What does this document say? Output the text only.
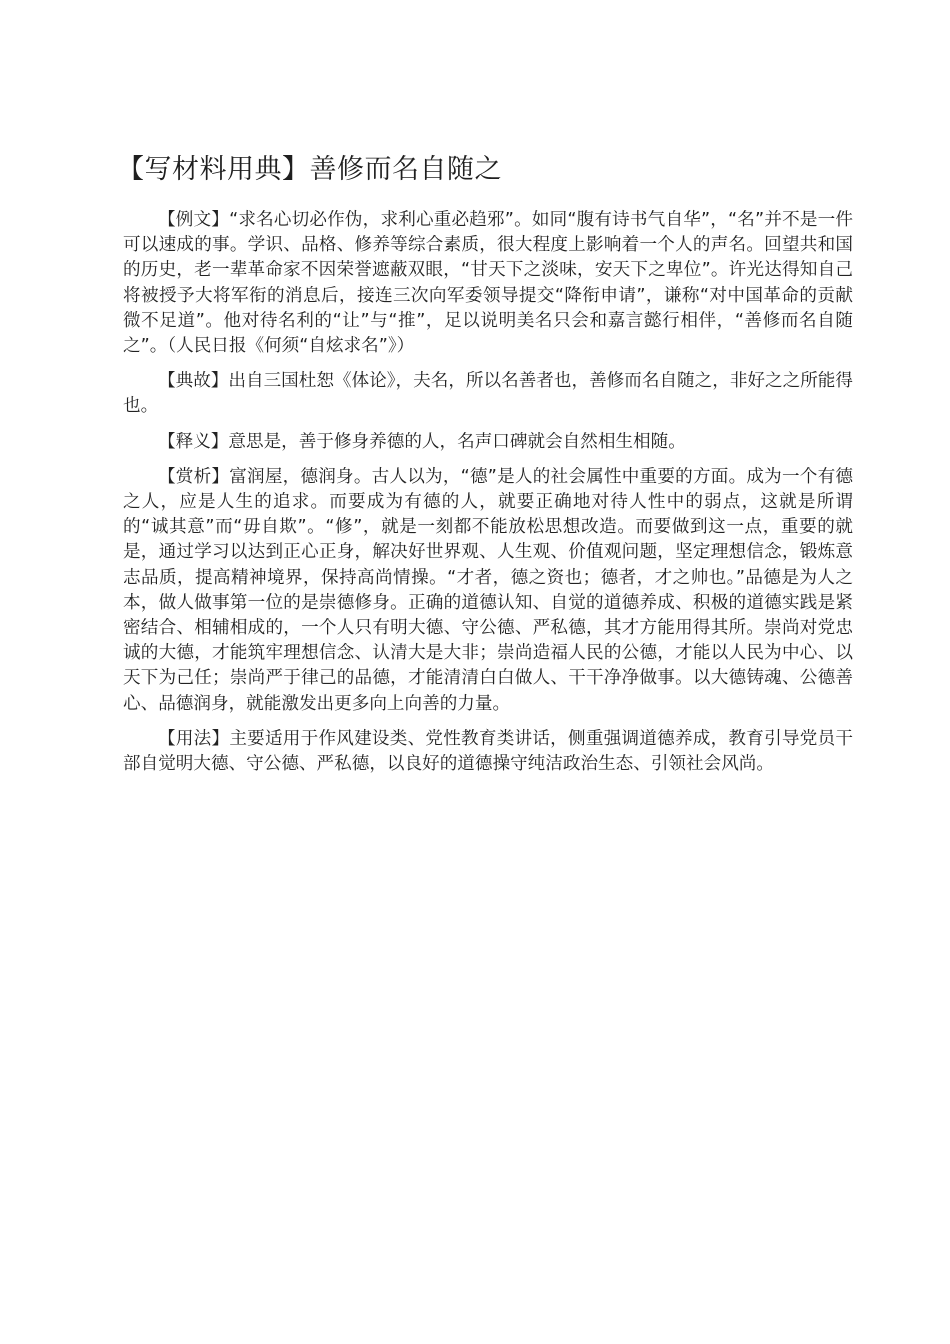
【写材料用典】善修而名自随之

【例文】“求名心切必作伪，求利心重必趋邪”。如同“腹有诗书气自华”，“名”并不是一件可以速成的事。学识、品格、修养等综合素质，很大程度上影响着一个人的声名。回望共和国的历史，老一辈革命家不因荣誉遮蔽双眼，“甘天下之淡味，安天下之卑位”。许光达得知自己将被授予大将军衔的消息后，接连三次向军委领导提交“降衔申请”，谦称“对中国革命的贡献微不足道”。他对待名利的“让”与“推”，足以说明美名只会和嘉言懿行相伴，“善修而名自随之”。（人民日报《何须“自炫求名”》）

【典故】出自三国杜恕《体论》，夫名，所以名善者也，善修而名自随之，非好之之所能得也。

【释义】意思是，善于修身养德的人，名声口碑就会自然相生相随。

【赏析】富润屋，德润身。古人以为，“德”是人的社会属性中重要的方面。成为一个有德之人，应是人生的追求。而要成为有德的人，就要正确地对待人性中的弱点，这就是所谓的“诚其意”而“毋自欺”。“修”，就是一刻都不能放松思想改造。而要做到这一点，重要的就是，通过学习以达到正心正身，解决好世界观、人生观、价值观问题，坚定理想信念，锻炼意志品质，提高精神境界，保持高尚情操。“才者，德之资也；德者，才之帅也。”品德是为人之本，做人做事第一位的是崇德修身。正确的道德认知、自觉的道德养成、积极的道德实践是紧密结合、相辅相成的，一个人只有明大德、守公德、严私德，其才方能用得其所。崇尚对党忠诚的大德，才能筑牢理想信念、认清大是大非；崇尚造福人民的公德，才能以人民为中心、以天下为己任；崇尚严于律己的品德，才能清清白白做人、干干净净做事。以大德铸魂、公德善心、品德润身，就能激发出更多向上向善的力量。

【用法】主要适用于作风建设类、党性教育类讲话，侧重强调道德养成，教育引导党员干部自觉明大德、守公德、严私德，以良好的道德操守纯洁政治生态、引领社会风尚。
